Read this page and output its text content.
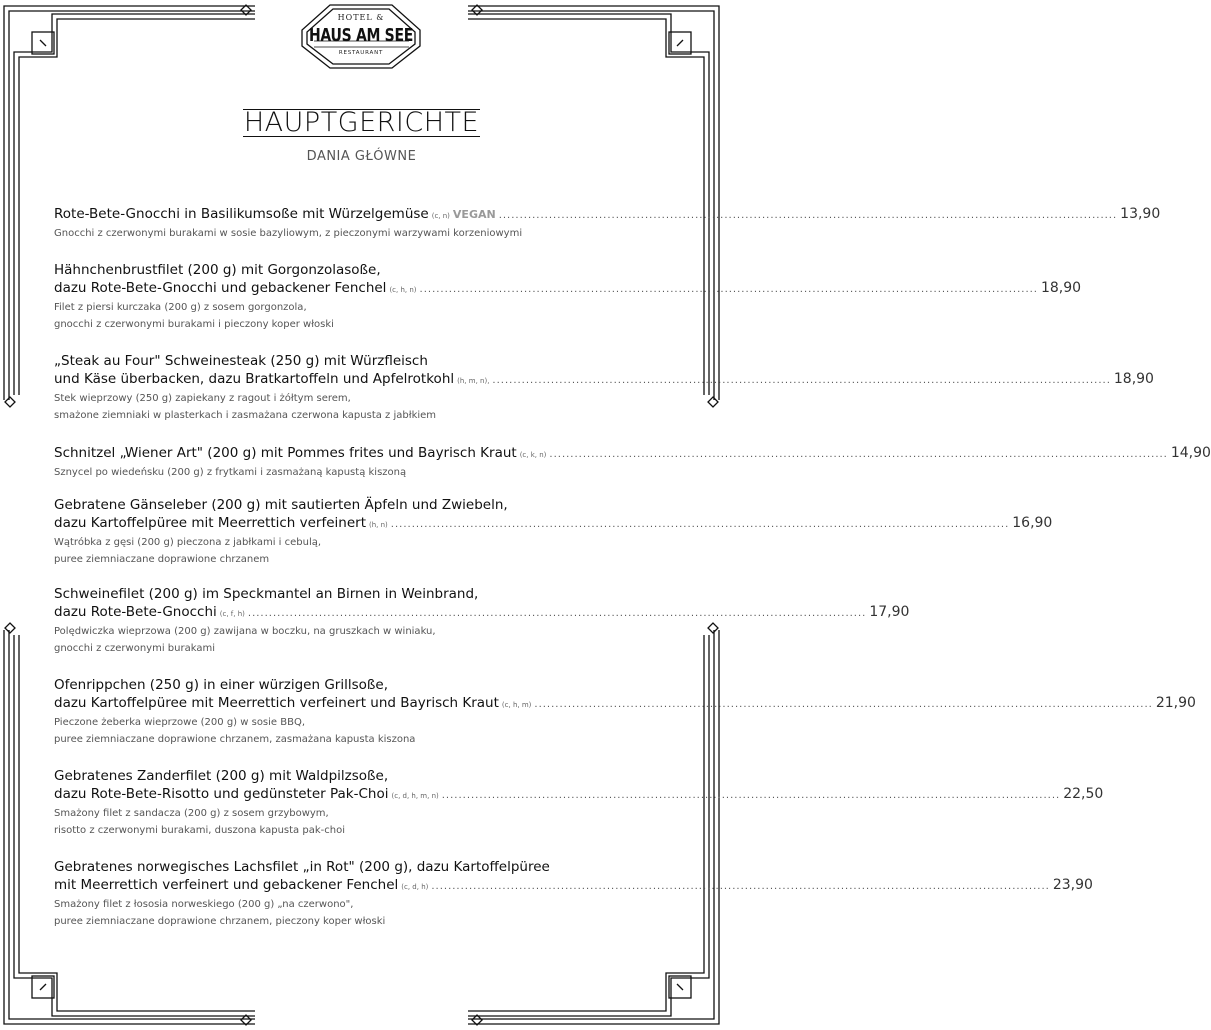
HOTEL &
HAUS AM SEE
RESTAURANT
HAUPTGERICHTE
DANIA GŁÓWNE
Rote-Bete-Gnocchi in Basilikumsoße mit Würzelgemüse (c, n) VEGAN .................................................................................................................................................... 13,90
Gnocchi z czerwonymi burakami w sosie bazyliowym, z pieczonymi warzywami korzeniowymi
Hähnchenbrustfilet (200 g) mit Gorgonzolasoße,
dazu Rote-Bete-Gnocchi und gebackener Fenchel (c, h, n) .................................................................................................................................................... 18,90
Filet z piersi kurczaka (200 g) z sosem gorgonzola,
gnocchi z czerwonymi burakami i pieczony koper włoski
„Steak au Four" Schweinesteak (250 g) mit Würzfleisch
und Käse überbacken, dazu Bratkartoffeln und Apfelrotkohl (h, m, n), .................................................................................................................................................... 18,90
Stek wieprzowy (250 g) zapiekany z ragout i żółtym serem,
smażone ziemniaki w plasterkach i zasmażana czerwona kapusta z jabłkiem
Schnitzel „Wiener Art" (200 g) mit Pommes frites und Bayrisch Kraut (c, k, n) .................................................................................................................................................... 14,90
Sznycel po wiedeńsku (200 g) z frytkami i zasmażaną kapustą kiszoną
Gebratene Gänseleber (200 g) mit sautierten Äpfeln und Zwiebeln,
dazu Kartoffelpüree mit Meerrettich verfeinert (h, n) .................................................................................................................................................... 16,90
Wątróbka z gęsi (200 g) pieczona z jabłkami i cebulą,
puree ziemniaczane doprawione chrzanem
Schweinefilet (200 g) im Speckmantel an Birnen in Weinbrand,
dazu Rote-Bete-Gnocchi (c, f, h) .................................................................................................................................................... 17,90
Polędwiczka wieprzowa (200 g) zawijana w boczku, na gruszkach w winiaku,
gnocchi z czerwonymi burakami
Ofenrippchen (250 g) in einer würzigen Grillsoße,
dazu Kartoffelpüree mit Meerrettich verfeinert und Bayrisch Kraut (c, h, m) .................................................................................................................................................... 21,90
Pieczone żeberka wieprzowe (200 g) w sosie BBQ,
puree ziemniaczane doprawione chrzanem, zasmażana kapusta kiszona
Gebratenes Zanderfilet (200 g) mit Waldpilzsoße,
dazu Rote-Bete-Risotto und gedünsteter Pak-Choi (c, d, h, m, n) .................................................................................................................................................... 22,50
Smażony filet z sandacza (200 g) z sosem grzybowym,
risotto z czerwonymi burakami, duszona kapusta pak-choi
Gebratenes norwegisches Lachsfilet „in Rot" (200 g), dazu Kartoffelpüree
mit Meerrettich verfeinert und gebackener Fenchel (c, d, h) .................................................................................................................................................... 23,90
Smażony filet z łososia norweskiego (200 g) „na czerwono",
puree ziemniaczane doprawione chrzanem, pieczony koper włoski
